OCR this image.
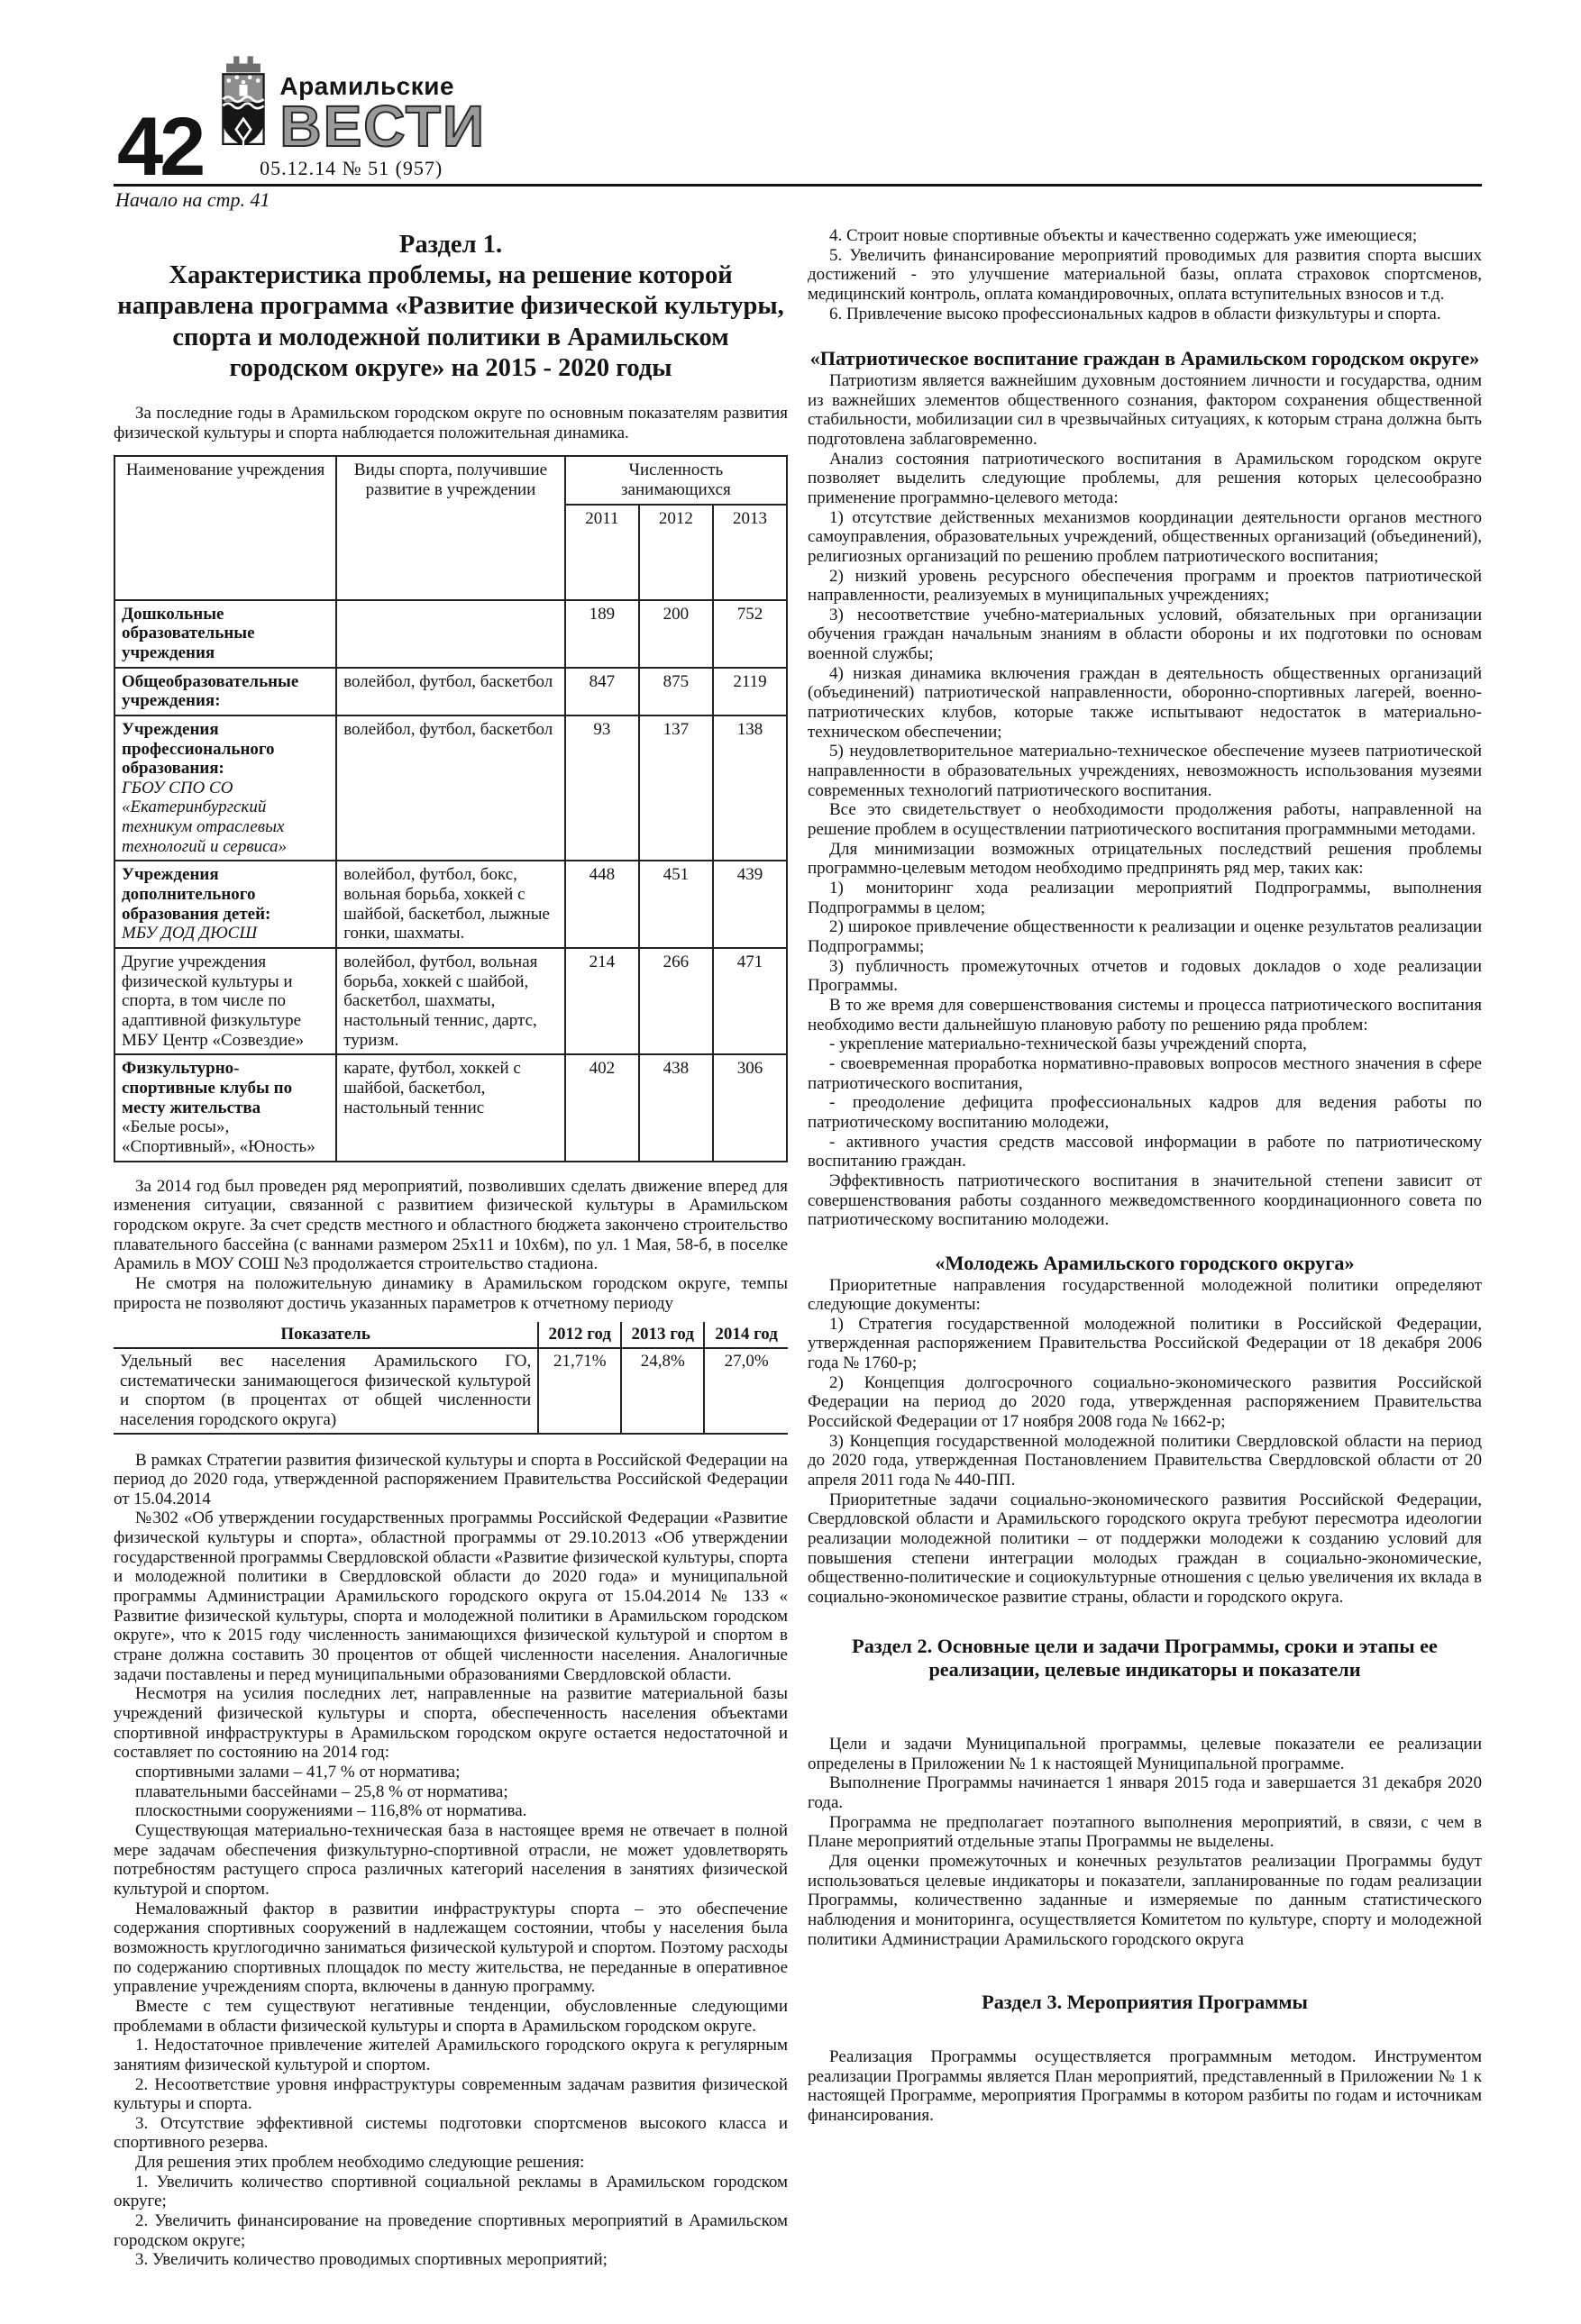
42
Арамильские
ВЕСТИ
05.12.14 № 51 (957)
Начало на стр. 41
Раздел 1.
Характеристика проблемы, на решение которой направлена программа «Развитие физической культуры, спорта и молодежной политики в Арамильском городском округе» на 2015 - 2020 годы

За последние годы в Арамильском городском округе по основным показателям развития физической культуры и спорта наблюдается положительная динамика.

Наименование учреждения	Виды спорта, получившие развитие в учреждении	Численность занимающихся		
		2011	2012	2013

Дошкольные образовательные учреждения		189	200	752

Общеобразовательные учреждения:	волейбол, футбол, баскетбол	847	875	2119

Учреждения профессионального образования:
ГБОУ СПО СО «Екатеринбургский техникум отраслевых технологий и сервиса»	волейбол, футбол, баскетбол	93	137	138

Учреждения дополнительного образования детей:
МБУ ДОД ДЮСШ	волейбол, футбол, бокс, вольная борьба, хоккей с шайбой, баскетбол, лыжные гонки, шахматы.	448	451	439

Другие учреждения физической культуры и спорта, в том числе по адаптивной физкультуре МБУ Центр «Созвездие»	волейбол, футбол, вольная борьба, хоккей с шайбой, баскетбол, шахматы, настольный теннис, дартс, туризм.	214	266	471

Физкультурно-спортивные клубы по месту жительства
«Белые росы», «Спортивный», «Юность»	карате, футбол, хоккей с шайбой, баскетбол, настольный теннис	402	438	306

За 2014 год был проведен ряд мероприятий, позволивших сделать движение вперед для изменения ситуации, связанной с развитием физической культуры в Арамильском городском округе. За счет средств местного и областного бюджета закончено строительство плавательного бассейна (с ваннами размером 25х11 и 10х6м), по ул. 1 Мая, 58-б, в поселке Арамиль в МОУ СОШ №3 продолжается строительство стадиона.

Не смотря на положительную динамику в Арамильском городском округе, темпы прироста не позволяют достичь указанных параметров к отчетному периоду

Показатель	2012 год	2013 год	2014 год
Удельный вес населения Арамильского ГО, систематически занимающегося физической культурой и спортом (в процентах от общей численности населения городского округа)	21,71%	24,8%	27,0%

В рамках Стратегии развития физической культуры и спорта в Российской Федерации на период до 2020 года, утвержденной распоряжением Правительства Российской Федерации от 15.04.2014

№302 «Об утверждении государственных программы Российской Федерации «Развитие физической культуры и спорта», областной программы от 29.10.2013 «Об утверждении государственной программы Свердловской области «Развитие физической культуры, спорта и молодежной политики в Свердловской области до 2020 года» и муниципальной программы Администрации Арамильского городского округа от 15.04.2014 № 133 « Развитие физической культуры, спорта и молодежной политики в Арамильском городском округе», что к 2015 году численность занимающихся физической культурой и спортом в стране должна составить 30 процентов от общей численности населения. Аналогичные задачи поставлены и перед муниципальными образованиями Свердловской области.

Несмотря на усилия последних лет, направленные на развитие материальной базы учреждений физической культуры и спорта, обеспеченность населения объектами спортивной инфраструктуры в Арамильском городском округе остается недостаточной и составляет по состоянию на 2014 год:

спортивными залами – 41,7 % от норматива;

плавательными бассейнами – 25,8 % от норматива;

плоскостными сооружениями – 116,8% от норматива.

Существующая материально-техническая база в настоящее время не отвечает в полной мере задачам обеспечения физкультурно-спортивной отрасли, не может удовлетворять потребностям растущего спроса различных категорий населения в занятиях физической культурой и спортом.

Немаловажный фактор в развитии инфраструктуры спорта – это обеспечение содержания спортивных сооружений в надлежащем состоянии, чтобы у населения была возможность круглогодично заниматься физической культурой и спортом. Поэтому расходы по содержанию спортивных площадок по месту жительства, не переданные в оперативное управление учреждениям спорта, включены в данную программу.

Вместе с тем существуют негативные тенденции, обусловленные следующими проблемами в области физической культуры и спорта в Арамильском городском округе.

1. Недостаточное привлечение жителей Арамильского городского округа к регулярным занятиям физической культурой и спортом.

2. Несоответствие уровня инфраструктуры современным задачам развития физической культуры и спорта.

3. Отсутствие эффективной системы подготовки спортсменов высокого класса и спортивного резерва.

Для решения этих проблем необходимо следующие решения:

1. Увеличить количество спортивной социальной рекламы в Арамильском городском округе;

2. Увеличить финансирование на проведение спортивных мероприятий в Арамильском городском округе;

3. Увеличить количество проводимых спортивных мероприятий;

4. Строит новые спортивные объекты и качественно содержать уже имеющиеся;

5. Увеличить финансирование мероприятий проводимых для развития спорта высших достижений - это улучшение материальной базы, оплата страховок спортсменов, медицинский контроль, оплата командировочных, оплата вступительных взносов и т.д.

6. Привлечение высоко профессиональных кадров в области физкультуры и спорта.

«Патриотическое воспитание граждан в Арамильском городском округе»

Патриотизм является важнейшим духовным достоянием личности и государства, одним из важнейших элементов общественного сознания, фактором сохранения общественной стабильности, мобилизации сил в чрезвычайных ситуациях, к которым страна должна быть подготовлена заблаговременно.

Анализ состояния патриотического воспитания в Арамильском городском округе позволяет выделить следующие проблемы, для решения которых целесообразно применение программно-целевого метода:

1) отсутствие действенных механизмов координации деятельности органов местного самоуправления, образовательных учреждений, общественных организаций (объединений), религиозных организаций по решению проблем патриотического воспитания;

2) низкий уровень ресурсного обеспечения программ и проектов патриотической направленности, реализуемых в муниципальных учреждениях;

3) несоответствие учебно-материальных условий, обязательных при организации обучения граждан начальным знаниям в области обороны и их подготовки по основам военной службы;

4) низкая динамика включения граждан в деятельность общественных организаций (объединений) патриотической направленности, оборонно-спортивных лагерей, военно-патриотических клубов, которые также испытывают недостаток в материально-техническом обеспечении;

5) неудовлетворительное материально-техническое обеспечение музеев патриотической направленности в образовательных учреждениях, невозможность использования музеями современных технологий патриотического воспитания.

Все это свидетельствует о необходимости продолжения работы, направленной на решение проблем в осуществлении патриотического воспитания программными методами.

Для минимизации возможных отрицательных последствий решения проблемы программно-целевым методом необходимо предпринять ряд мер, таких как:

1) мониторинг хода реализации мероприятий Подпрограммы, выполнения Подпрограммы в целом;

2) широкое привлечение общественности к реализации и оценке результатов реализации Подпрограммы;

3) публичность промежуточных отчетов и годовых докладов о ходе реализации Программы.

В то же время для совершенствования системы и процесса патриотического воспитания необходимо вести дальнейшую плановую работу по решению ряда проблем:

- укрепление материально-технической базы учреждений спорта,

- своевременная проработка нормативно-правовых вопросов местного значения в сфере патриотического воспитания,

- преодоление дефицита профессиональных кадров для ведения работы по патриотическому воспитанию молодежи,

- активного участия средств массовой информации в работе по патриотическому воспитанию граждан.

Эффективность патриотического воспитания в значительной степени зависит от совершенствования работы созданного межведомственного координационного совета по патриотическому воспитанию молодежи.

«Молодежь Арамильского городского округа»

Приоритетные направления государственной молодежной политики определяют следующие документы:

1) Стратегия государственной молодежной политики в Российской Федерации, утвержденная распоряжением Правительства Российской Федерации от 18 декабря 2006 года № 1760-р;

2) Концепция долгосрочного социально-экономического развития Российской Федерации на период до 2020 года, утвержденная распоряжением Правительства Российской Федерации от 17 ноября 2008 года № 1662-р;

3) Концепция государственной молодежной политики Свердловской области на период до 2020 года, утвержденная Постановлением Правительства Свердловской области от 20 апреля 2011 года № 440-ПП.

Приоритетные задачи социально-экономического развития Российской Федерации, Свердловской области и Арамильского городского округа требуют пересмотра идеологии реализации молодежной политики – от поддержки молодежи к созданию условий для повышения степени интеграции молодых граждан в социально-экономические, общественно-политические и социокультурные отношения с целью увеличения их вклада в социально-экономическое развитие страны, области и городского округа.

Раздел 2. Основные цели и задачи Программы, сроки и этапы ее реализации, целевые индикаторы и показатели

Цели и задачи Муниципальной программы, целевые показатели ее реализации определены в Приложении № 1 к настоящей Муниципальной программе.

Выполнение Программы начинается 1 января 2015 года и завершается 31 декабря 2020 года.

Программа не предполагает поэтапного выполнения мероприятий, в связи, с чем в Плане мероприятий отдельные этапы Программы не выделены.

Для оценки промежуточных и конечных результатов реализации Программы будут использоваться целевые индикаторы и показатели, запланированные по годам реализации Программы, количественно заданные и измеряемые по данным статистического наблюдения и мониторинга, осуществляется Комитетом по культуре, спорту и молодежной политики Администрации Арамильского городского округа

Раздел 3. Мероприятия Программы

Реализация Программы осуществляется программным методом. Инструментом реализации Программы является План мероприятий, представленный в Приложении № 1 к настоящей Программе, мероприятия Программы в котором разбиты по годам и источникам финансирования.
